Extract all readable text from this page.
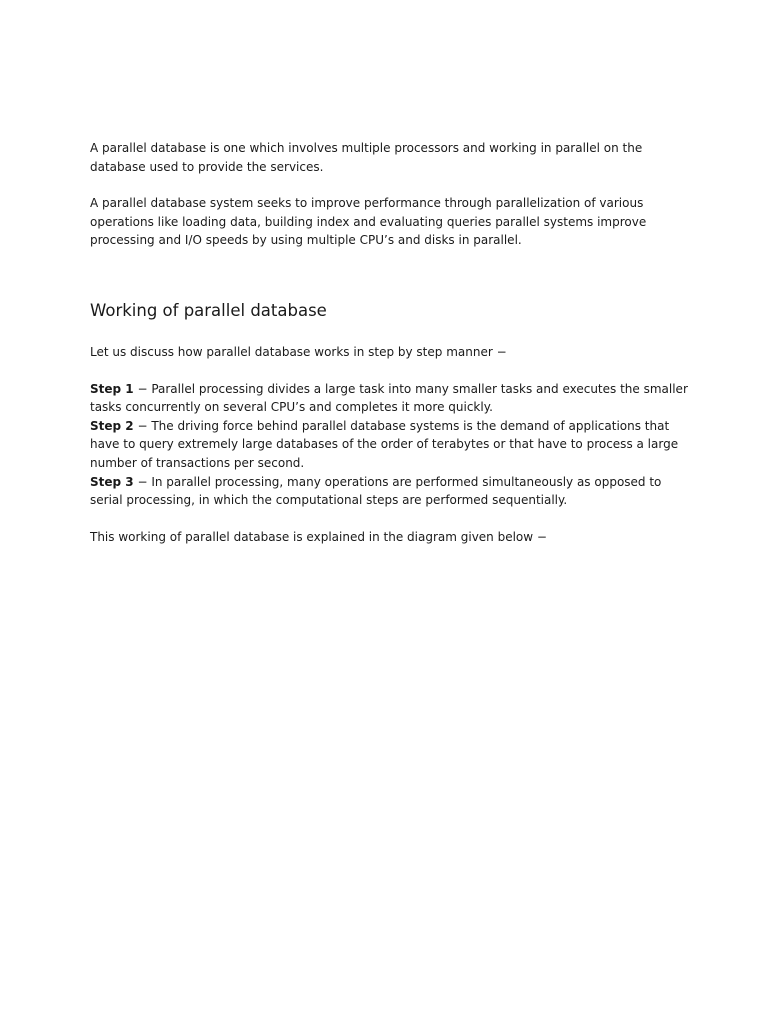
A parallel database is one which involves multiple processors and working in parallel on the database used to provide the services.

A parallel database system seeks to improve performance through parallelization of various operations like loading data, building index and evaluating queries parallel systems improve processing and I/O speeds by using multiple CPU’s and disks in parallel.

Working of parallel database

Let us discuss how parallel database works in step by step manner −

Step 1 − Parallel processing divides a large task into many smaller tasks and executes the smaller tasks concurrently on several CPU’s and completes it more quickly.

Step 2 − The driving force behind parallel database systems is the demand of applications that have to query extremely large databases of the order of terabytes or that have to process a large number of transactions per second.

Step 3 − In parallel processing, many operations are performed simultaneously as opposed to serial processing, in which the computational steps are performed sequentially.

This working of parallel database is explained in the diagram given below −
